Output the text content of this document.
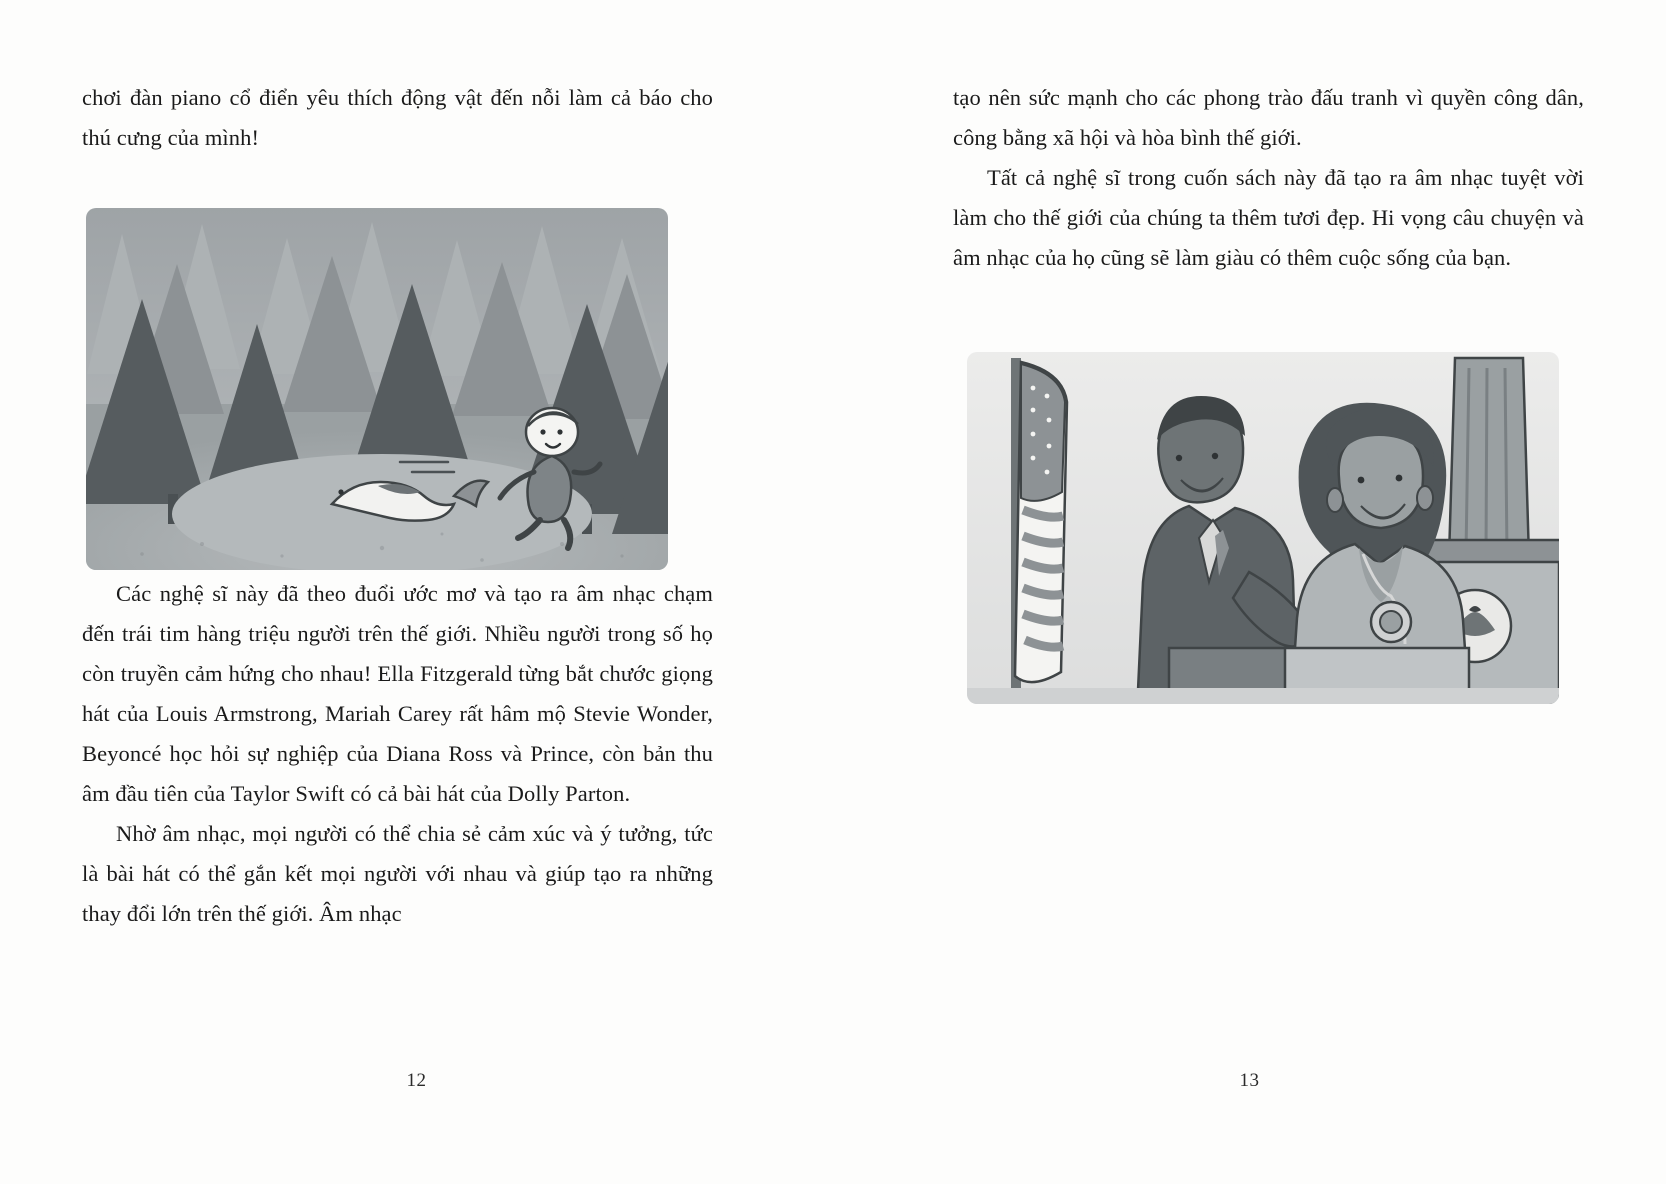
chơi đàn piano cổ điển yêu thích động vật đến nỗi làm cả báo cho thú cưng của mình!

Các nghệ sĩ này đã theo đuổi ước mơ và tạo ra âm nhạc chạm đến trái tim hàng triệu người trên thế giới. Nhiều người trong số họ còn truyền cảm hứng cho nhau! Ella Fitzgerald từng bắt chước giọng hát của Louis Armstrong, Mariah Carey rất hâm mộ Stevie Wonder, Beyoncé học hỏi sự nghiệp của Diana Ross và Prince, còn bản thu âm đầu tiên của Taylor Swift có cả bài hát của Dolly Parton.

Nhờ âm nhạc, mọi người có thể chia sẻ cảm xúc và ý tưởng, tức là bài hát có thể gắn kết mọi người với nhau và giúp tạo ra những thay đổi lớn trên thế giới. Âm nhạc

12

tạo nên sức mạnh cho các phong trào đấu tranh vì quyền công dân, công bằng xã hội và hòa bình thế giới.

Tất cả nghệ sĩ trong cuốn sách này đã tạo ra âm nhạc tuyệt vời làm cho thế giới của chúng ta thêm tươi đẹp. Hi vọng câu chuyện và âm nhạc của họ cũng sẽ làm giàu có thêm cuộc sống của bạn.

13
